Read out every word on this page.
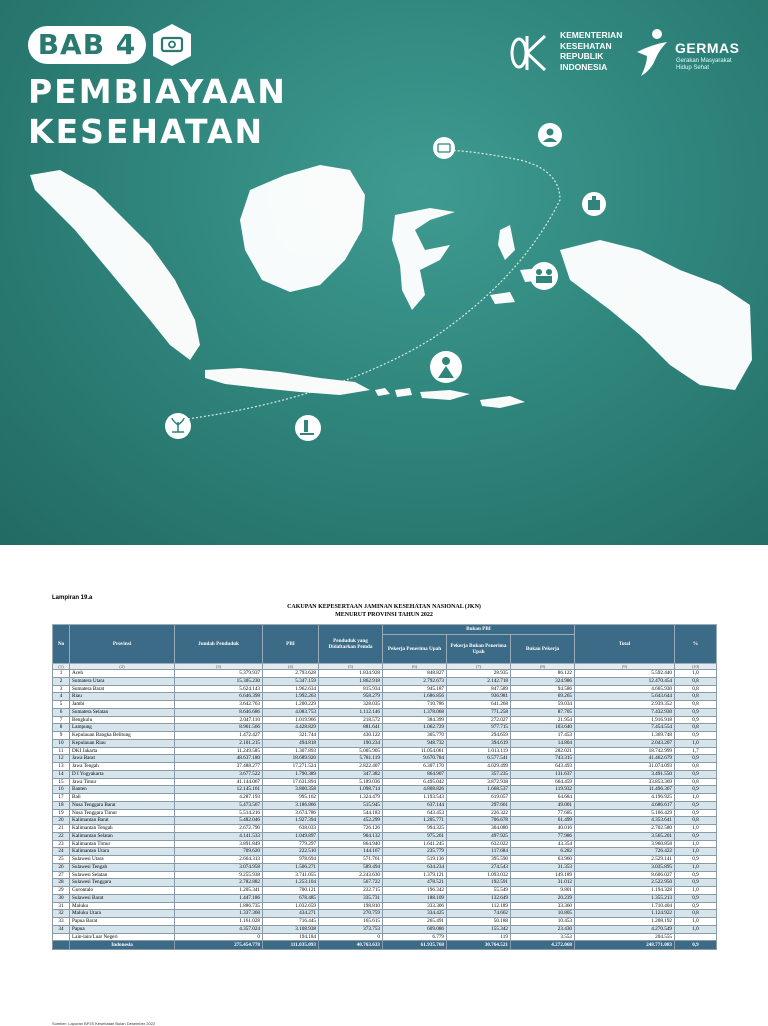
BAB 4
PEMBIAYAAN
KESEHATAN
KEMENTERIAN
KESEHATAN
REPUBLIK
INDONESIA
GERMAS
Gerakan Masyarakat Hidup Sehat
Lampiran 19.a
CAKUPAN KEPESERTAAN JAMINAN KESEHATAN NASIONAL (JKN)
MENURUT PROVINSI TAHUN 2022
No	Provinsi	Jumlah Penduduk	PBI	Penduduk yang Didaftarkan Pemda	Bukan PBI			Total	%
					Pekerja Penerima Upah	Pekerja Bukan Penerima Upah	Bukan Pekerja		

(1)	(2)	(3)	(4)	(5)	(6)	(7)	(8)	(9)	(10)
1	Aceh	5.379.937	2.793.628	1.834.928	848.827	28.935	86.122	5.592.440	1,0
2	Sumatera Utara	15.305.230	5.347.159	1.862.918	2.792.673	2.142.718	324.986	12.470.454	0,8
3	Sumatera Barat	5.624.143	1.962.634	815.934	945.187	847.589	94.586	4.665.930	0,8
4	Riau	6.646.398	1.992.263	958.279	1.686.856	936.981	69.265	5.643.644	0,8
5	Jambi	3.642.763	1.200.229	328.035	710.786	641.268	59.034	2.939.352	0,8
6	Sumatera Selatan	8.646.686	4.083.753	1.112.146	1.378.068	771.258	87.705	7.432.930	0,9
7	Bengkulu	2.047.110	1.019.966	218.572	384.399	272.027	21.954	1.916.918	0,9
8	Lampung	8.961.566	4.428.829	881.641	1.062.729	977.715	103.640	7.454.554	0,8
9	Kepulauan Bangka Belitung	1.472.427	321.744	430.122	305.770	294.659	17.453	1.369.748	0,9
10	Kepulauan Riau	2.101.215	494.818	190.234	948.732	394.619	14.804	2.043.207	1,0
11	DKI Jakarta	11.249.585	1.307.893	5.005.905	11.054.061	1.013.119	282.021	18.742.999	1,7
12	Jawa Barat	48.637.180	18.689.920	5.781.119	9.670.784	6.577.541	743.315	41.462.679	0,9
13	Jawa Tengah	37.488.277	17.271.524	2.822.407	6.307.170	4.029.499	643.493	31.074.093	0,8
14	D I Yogyakarta	3.677.522	1.790.389	347.382	864.907	357.235	131.637	3.491.550	0,9
15	Jawa Timur	41.144.067	17.631.894	5.189.036	6.495.042	3.872.938	664.459	33.853.369	0,8
16	Banten	12.145.161	3.800.358	1.098.714	4.808.826	1.668.537	119.932	11.496.367	0,9
17	Bali	4.287.193	995.162	1.324.479	1.193.543	619.057	64.684	4.196.925	1,0
18	Nusa Tenggara Barat	5.473.567	3.186.866	515.945	637.144	297.661	49.001	4.686.617	0,9
19	Nusa Tenggara Timur	5.514.216	3.674.786	544.183	643.453	226.322	77.685	5.166.429	0,9
20	Kalimantan Barat	5.482.046	1.927.394	452.299	1.205.771	706.678	61.499	4.353.641	0,8
21	Kalimantan Tengah	2.672.790	638.033	726.126	994.325	304.080	40.016	2.702.580	1,0
22	Kalimantan Selatan	4.141.533	1.049.897	904.132	975.261	497.925	77.986	3.565.201	0,9
23	Kalimantan Timur	3.891.849	779.297	864.940	1.641.245	632.022	43.354	3.960.858	1,0
24	Kalimantan Utara	709.620	222.510	144.167	235.779	117.684	6.282	726.422	1,0
25	Sulawesi Utara	2.664.313	978.694	571.761	519.136	395.590	63.960	2.529.141	0,9
26	Sulawesi Tengah	3.074.958	1.506.271	589.494	634.234	274.543	31.353	3.035.895	1,0
27	Sulawesi Selatan	9.255.938	3.741.055	2.243.630	1.379.121	1.093.032	149.189	8.606.027	0,9
28	Sulawesi Tenggara	2.782.882	1.253.104	567.722	478.521	192.591	31.012	2.522.950	0,9
29	Gorontalo	1.205.341	700.121	232.715	196.342	55.549	9.801	1.194.328	1,0
30	Sulawesi Barat	1.447.186	678.485	335.731	188.109	132.649	20.239	1.355.213	0,9
31	Maluku	1.886.735	1.032.659	198.810	333.306	112.189	33.360	1.710.404	0,9
32	Maluku Utara	1.337.368	434.271	270.759	334.425	74.662	10.805	1.124.922	0,8
33	Papua Barat	1.161.028	716.445	165.615	265.491	50.188	10.453	1.208.192	1,0
34	Papua	4.357.024	3.108.938	373.753	609.086	155.342	23.430	4.270.549	1,0
	Lain-lain/Luar Negeri	0	194.184	0	6.779	119	3.553	204.555	
	Indonesia	275.454.778	111.035.093	40.763.633	61.935.768	30.764.521	4.272.068	248.771.083	0,9
Sumber: Laporan BPJS Kesehatan Bulan Desember 2022
